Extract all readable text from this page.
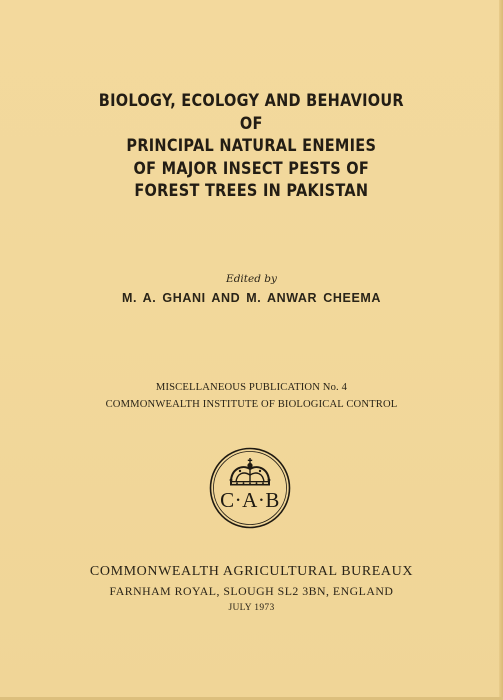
BIOLOGY, ECOLOGY AND BEHAVIOUR
OF
PRINCIPAL NATURAL ENEMIES
OF MAJOR INSECT PESTS OF
FOREST TREES IN PAKISTAN
Edited by
M. A. GHANI AND M. ANWAR CHEEMA
MISCELLANEOUS PUBLICATION No. 4
COMMONWEALTH INSTITUTE OF BIOLOGICAL CONTROL
C·A·B
COMMONWEALTH AGRICULTURAL BUREAUX
FARNHAM ROYAL, SLOUGH SL2 3BN, ENGLAND
JULY 1973
